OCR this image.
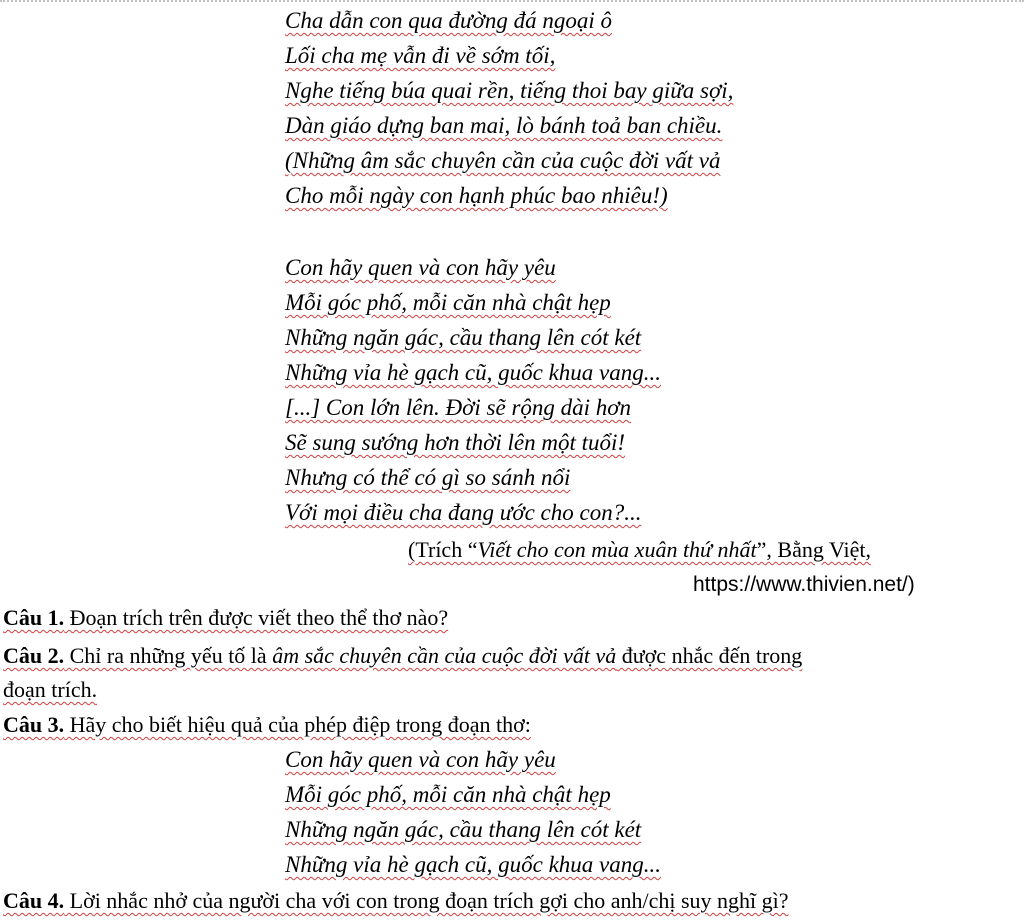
Cha dẫn con qua đường đá ngoại ô
Lối cha mẹ vẫn đi về sớm tối,
Nghe tiếng búa quai rền, tiếng thoi bay giữa sợi,
Dàn giáo dựng ban mai, lò bánh toả ban chiều.
(Những âm sắc chuyên cần của cuộc đời vất vả
Cho mỗi ngày con hạnh phúc bao nhiêu!)
Con hãy quen và con hãy yêu
Mỗi góc phố, mỗi căn nhà chật hẹp
Những ngăn gác, cầu thang lên cót két
Những vỉa hè gạch cũ, guốc khua vang...
[...] Con lớn lên. Đời sẽ rộng dài hơn
Sẽ sung sướng hơn thời lên một tuổi!
Nhưng có thể có gì so sánh nổi
Với mọi điều cha đang ước cho con?...
(Trích “Viết cho con mùa xuân thứ nhất”, Bằng Việt,
https://www.thivien.net/)
Câu 1. Đoạn trích trên được viết theo thể thơ nào?
Câu 2. Chỉ ra những yếu tố là âm sắc chuyên cần của cuộc đời vất vả được nhắc đến trong
đoạn trích.
Câu 3. Hãy cho biết hiệu quả của phép điệp trong đoạn thơ:
Con hãy quen và con hãy yêu
Mỗi góc phố, mỗi căn nhà chật hẹp
Những ngăn gác, cầu thang lên cót két
Những vỉa hè gạch cũ, guốc khua vang...
Câu 4. Lời nhắc nhở của người cha với con trong đoạn trích gợi cho anh/chị suy nghĩ gì?
